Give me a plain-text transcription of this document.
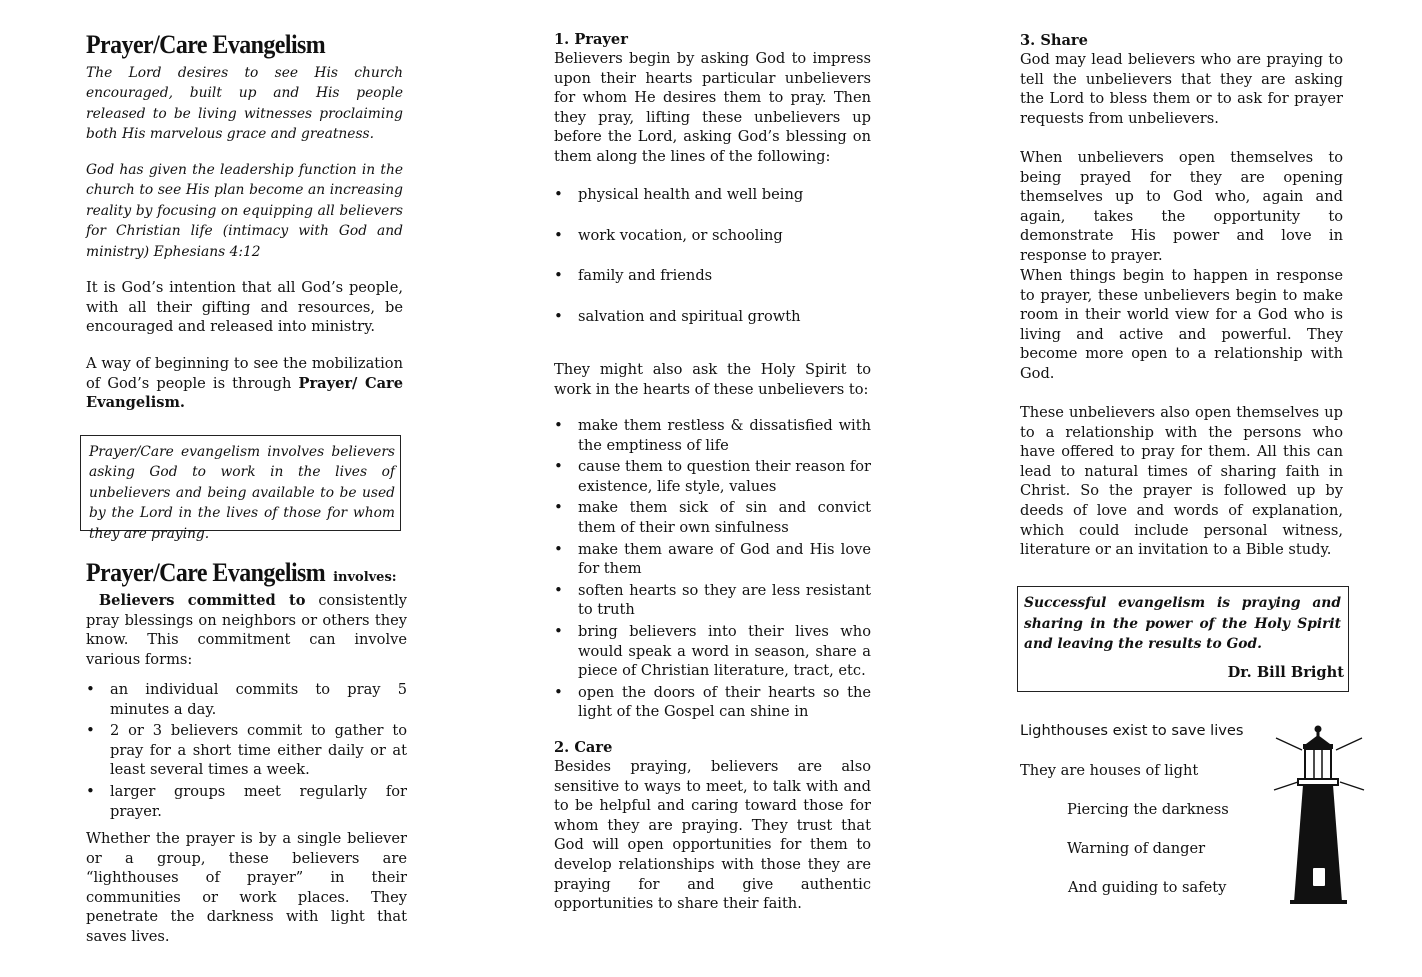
Prayer/Care Evangelism

The Lord desires to see His church encouraged, built up and His people released to be living witnesses proclaiming both His marvelous grace and greatness.

God has given the leadership function in the church to see His plan become an increasing reality by focusing on equipping all believers for Christian life (intimacy with God and ministry) Ephesians 4:12

It is God’s intention that all God’s people, with all their gifting and resources, be encouraged and released into ministry.

A way of beginning to see the mobilization of God’s people is through Prayer/ Care Evangelism.

Prayer/Care evangelism involves believers asking God to work in the lives of unbelievers and being available to be used by the Lord in the lives of those for whom they are praying.

Prayer/Care Evangelism involves:

Believers committed to consistently pray blessings on neighbors or others they know. This commitment can involve various forms:

• an individual commits to pray 5 minutes a day.
• 2 or 3 believers commit to gather to pray for a short time either daily or at least several times a week.
• larger groups meet regularly for prayer.

Whether the prayer is by a single believer or a group, these believers are “lighthouses of prayer” in their communities or work places. They penetrate the darkness with light that saves lives.

1. Prayer

Believers begin by asking God to impress upon their hearts particular unbelievers for whom He desires them to pray. Then they pray, lifting these unbelievers up before the Lord, asking God’s blessing on them along the lines of the following:

• physical health and well being
• work vocation, or schooling
• family and friends
• salvation and spiritual growth

They might also ask the Holy Spirit to work in the hearts of these unbelievers to:

• make them restless & dissatisfied with the emptiness of life
• cause them to question their reason for existence, life style, values
• make them sick of sin and convict them of their own sinfulness
• make them aware of God and His love for them
• soften hearts so they are less resistant to truth
• bring believers into their lives who would speak a word in season, share a piece of Christian literature, tract, etc.
• open the doors of their hearts so the light of the Gospel can shine in

2. Care

Besides praying, believers are also sensitive to ways to meet, to talk with and to be helpful and caring toward those for whom they are praying. They trust that God will open opportunities for them to develop relationships with those they are praying for and give authentic opportunities to share their faith.

3. Share

God may lead believers who are praying to tell the unbelievers that they are asking the Lord to bless them or to ask for prayer requests from unbelievers.

When unbelievers open themselves to being prayed for they are opening themselves up to God who, again and again, takes the opportunity to demonstrate His power and love in response to prayer.

When things begin to happen in response to prayer, these unbelievers begin to make room in their world view for a God who is living and active and powerful. They become more open to a relationship with God.

These unbelievers also open themselves up to a relationship with the persons who have offered to pray for them. All this can lead to natural times of sharing faith in Christ. So the prayer is followed up by deeds of love and words of explanation, which could include personal witness, literature or an invitation to a Bible study.

Successful evangelism is praying and sharing in the power of the Holy Spirit and leaving the results to God.

Dr. Bill Bright

Lighthouses exist to save lives

They are houses of light

Piercing the darkness

Warning of danger

And guiding to safety
